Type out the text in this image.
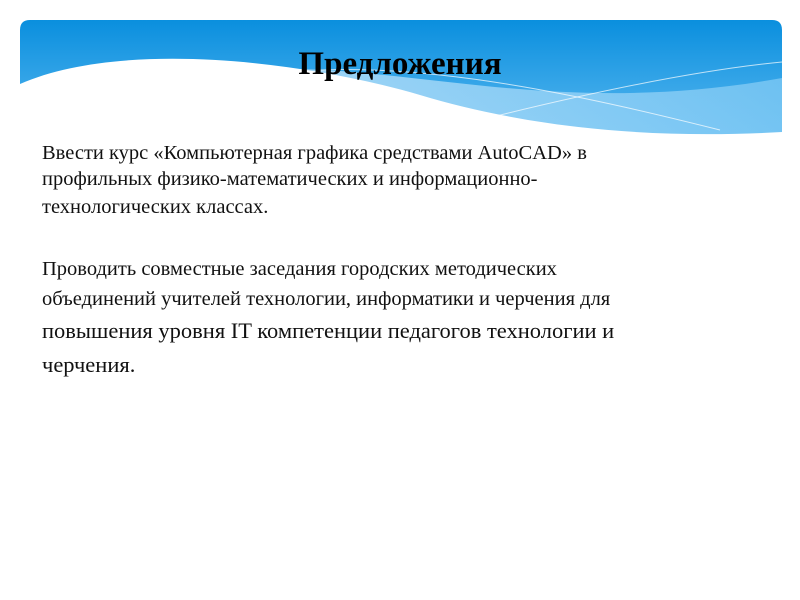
Предложения
Ввести курс «Компьютерная графика средствами AutoCAD» в
профильных физико-математических и информационно-
технологических классах.
Проводить совместные заседания городских методических
объединений учителей технологии, информатики и черчения для
повышения уровня IT компетенции педагогов технологии и
черчения.
